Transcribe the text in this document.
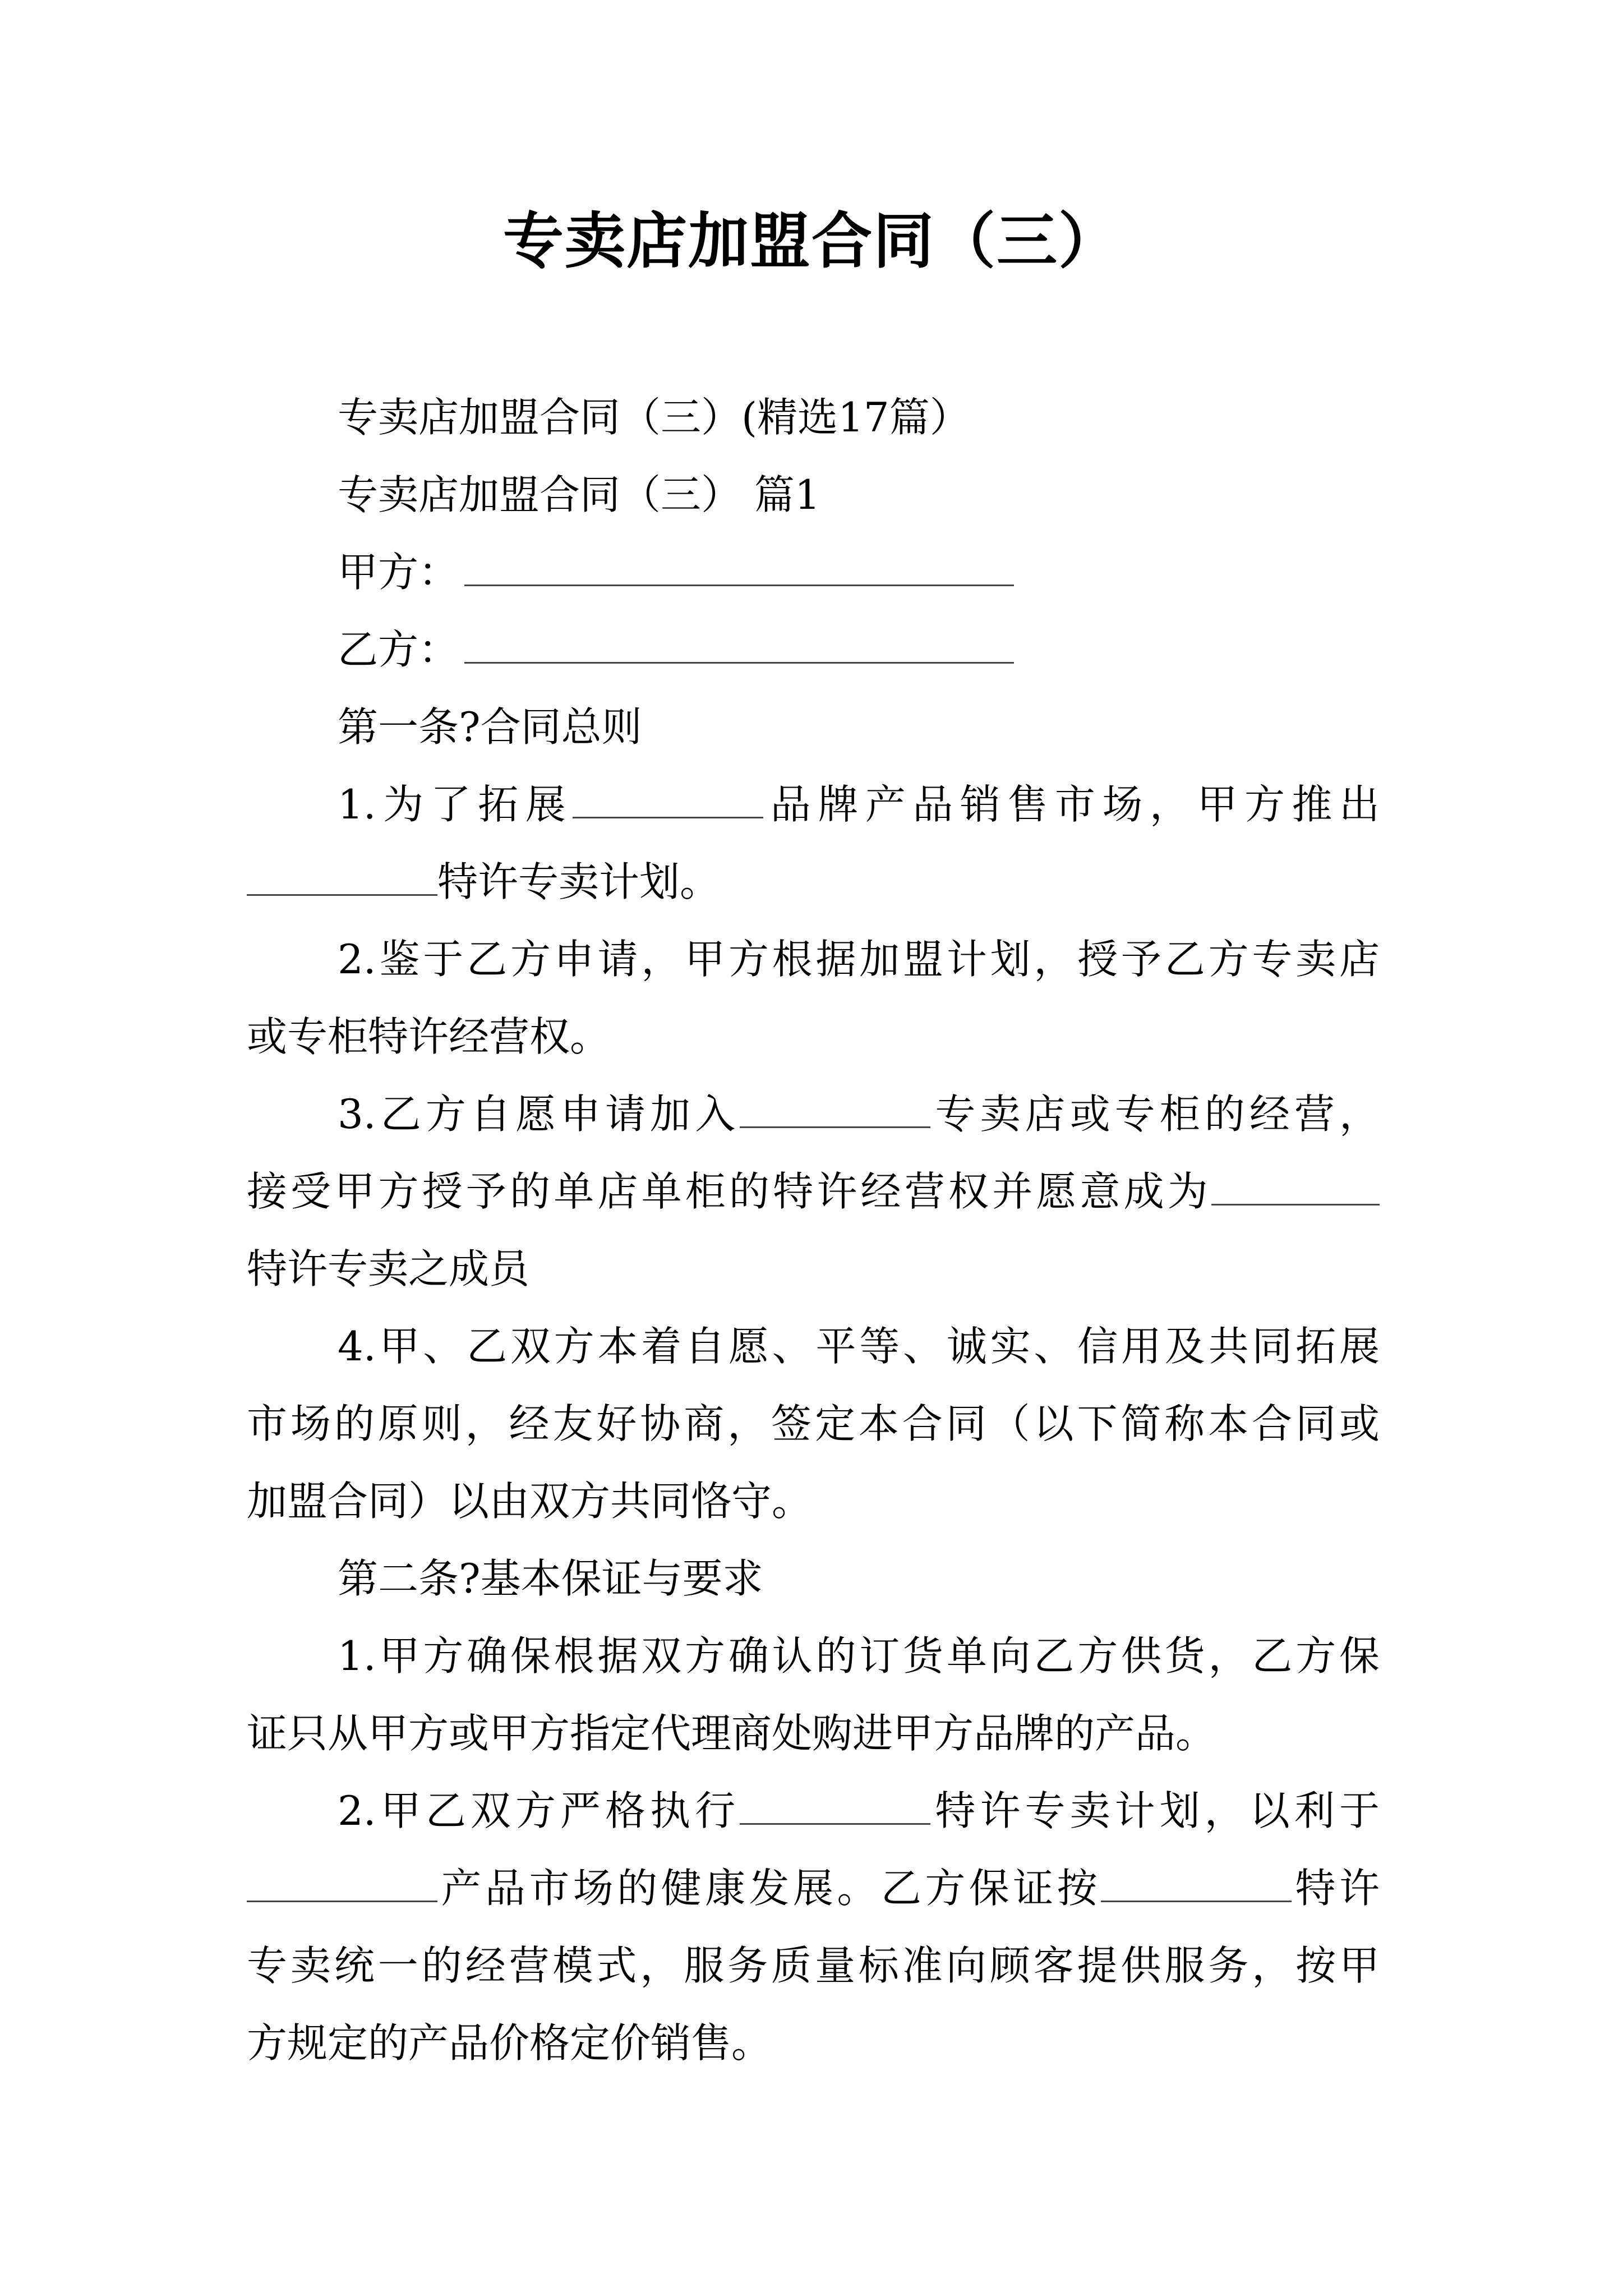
专卖店加盟合同（三）

专卖店加盟合同（三）(精选17篇）

专卖店加盟合同（三） 篇1

甲方：

乙方：

第一条?合同总则

1.为了拓展	品牌产品销售市场，甲方推出

特许专卖计划。

2.鉴于乙方申请，甲方根据加盟计划，授予乙方专卖店

或专柜特许经营权。

3.乙方自愿申请加入	专卖店或专柜的经营，

接受甲方授予的单店单柜的特许经营权并愿意成为

特许专卖之成员

4.甲、乙双方本着自愿、平等、诚实、信用及共同拓展

市场的原则，经友好协商，签定本合同（以下简称本合同或

加盟合同）以由双方共同恪守。

第二条?基本保证与要求

1.甲方确保根据双方确认的订货单向乙方供货，乙方保

证只从甲方或甲方指定代理商处购进甲方品牌的产品。

2.甲乙双方严格执行	特许专卖计划，以利于

产品市场的健康发展。乙方保证按	特许

专卖统一的经营模式，服务质量标准向顾客提供服务，按甲

方规定的产品价格定价销售。
